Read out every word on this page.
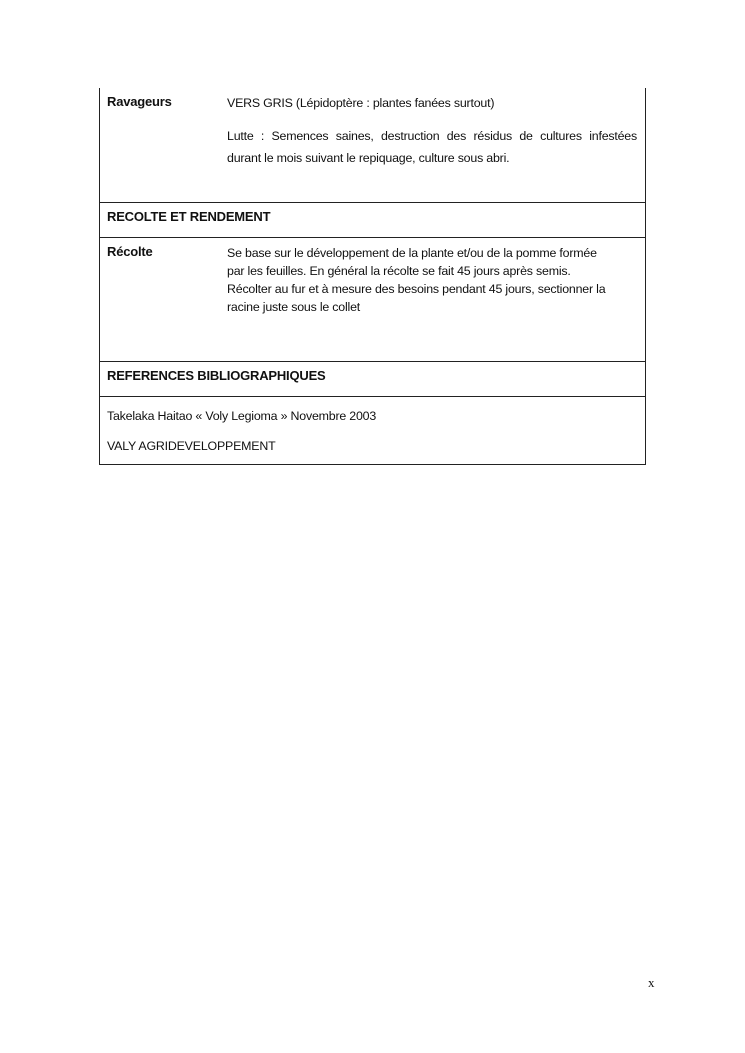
Ravageurs	VERS GRIS (Lépidoptère : plantes fanées surtout)

Lutte : Semences saines, destruction des résidus de cultures infestées durant le mois suivant le repiquage, culture sous abri.

RECOLTE ET RENDEMENT
Récolte	Se base sur le développement de la plante et/ou de la pomme formée

par les feuilles. En général la récolte se fait 45 jours après semis.

Récolter au fur et à mesure des besoins pendant 45 jours, sectionner la

racine juste sous le collet

REFERENCES BIBLIOGRAPHIQUES

Takelaka Haitao « Voly Legioma » Novembre 2003

VALY AGRIDEVELOPPEMENT

x
